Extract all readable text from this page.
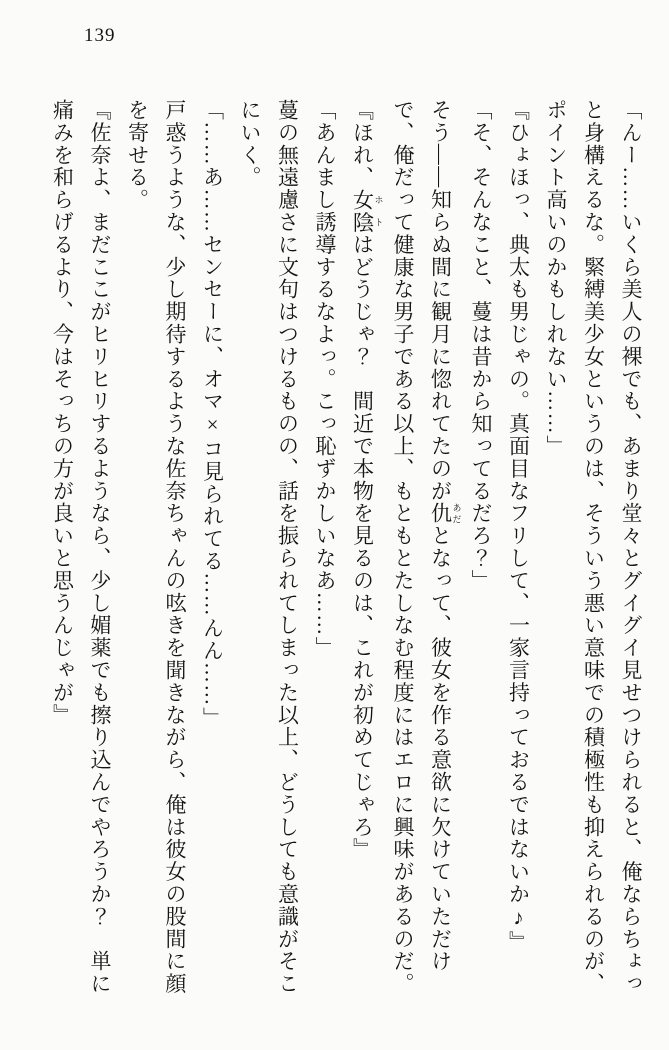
139

「んー……いくら美人の裸でも、あまり堂々とグイグイ見せつけられると、俺ならちょっと身構えるな。緊縛美少女というのは、そういう悪い意味での積極性も抑えられるのが、ポイント高いのかもしれない……」

『ひょほっ、典太も男じゃの。真面目なフリして、一家言持っておるではないか♪』

「そ、そんなこと、蔓は昔から知ってるだろ？」

そう――知らぬ間に観月に惚れてたのが仇 あだとなって、彼女を作る意欲に欠けていただけで、俺だって健康な男子である以上、もともとたしなむ程度にはエロに興味があるのだ。

『ほれ、女陰 ホトはどうじゃ？　間近で本物を見るのは、これが初めてじゃろ』

「あんまし誘導するなよっ。こっ恥ずかしいなあ……」

蔓の無遠慮さに文句はつけるものの、話を振られてしまった以上、どうしても意識がそこにいく。

「……あ……センセーに、オマ×コ見られてる……んん……」

戸惑うような、少し期待するような佐奈ちゃんの呟きを聞きながら、俺は彼女の股間に顔を寄せる。

『佐奈よ、まだここがヒリヒリするようなら、少し媚薬でも擦り込んでやろうか？　単に痛みを和らげるより、今はそっちの方が良いと思うんじゃが』
